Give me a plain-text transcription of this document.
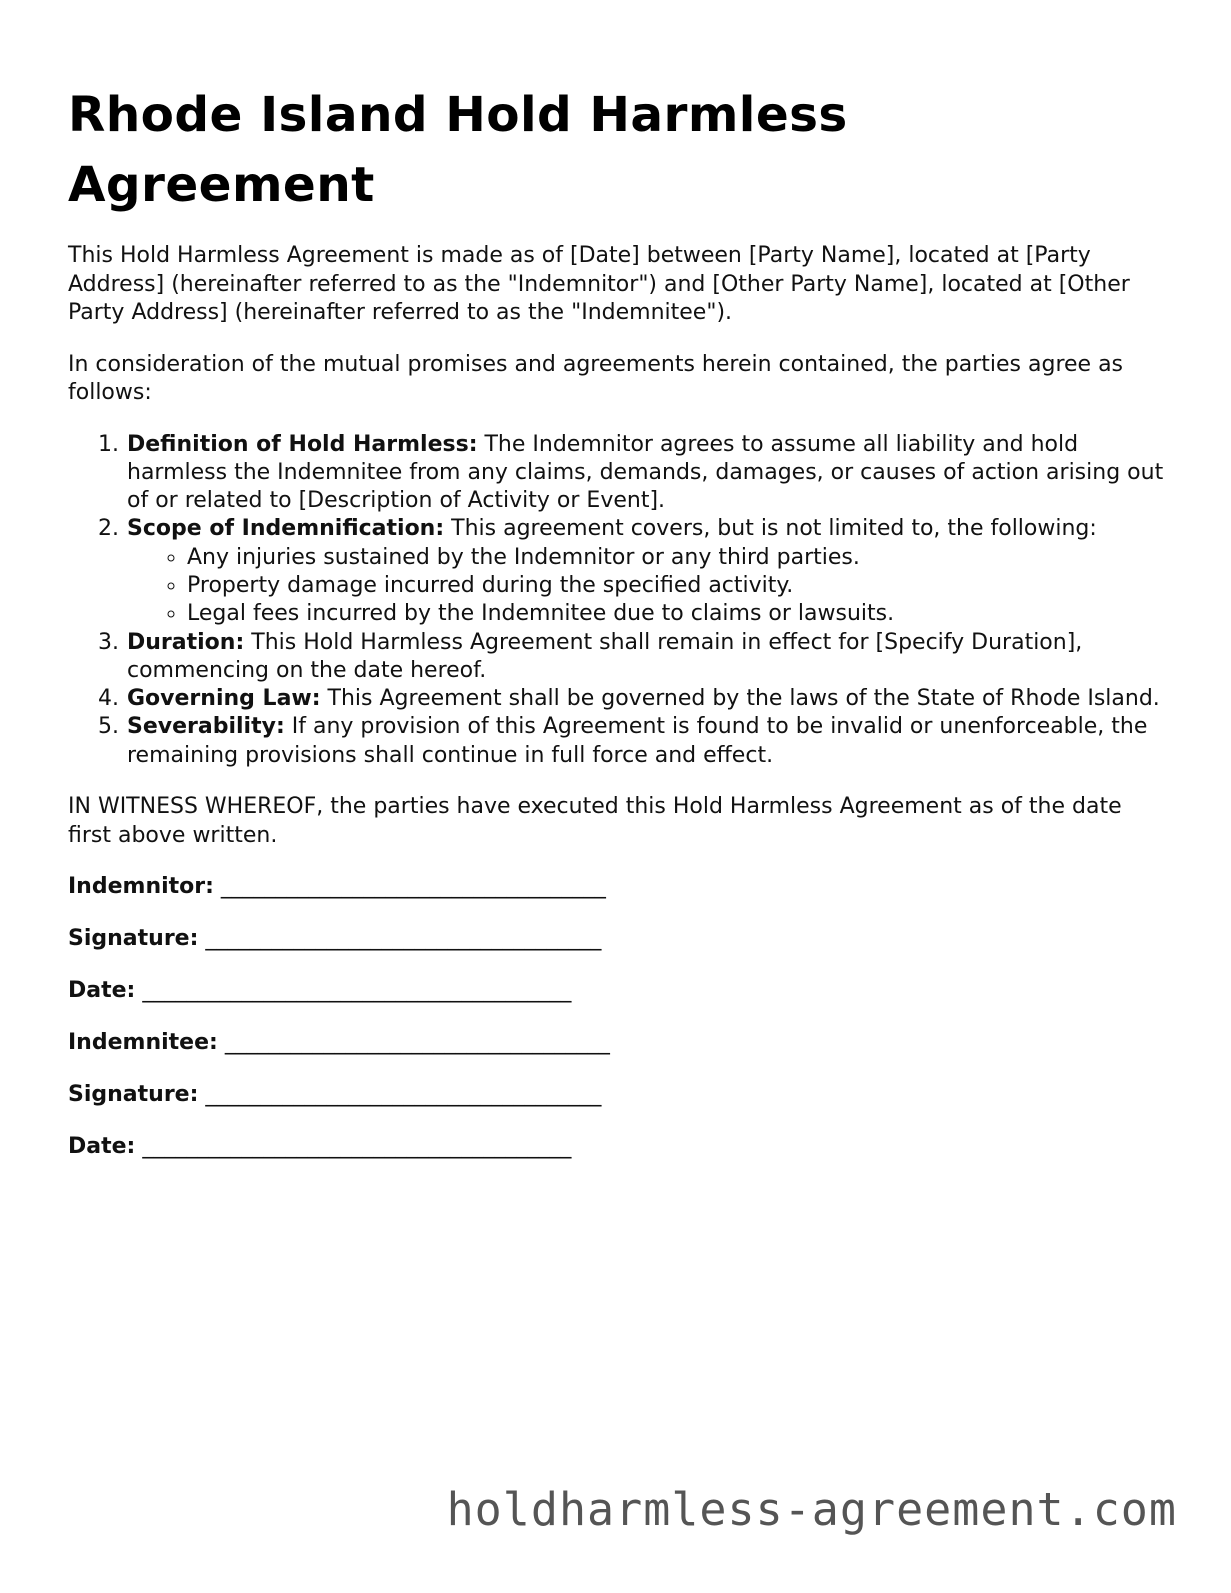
Rhode Island Hold Harmless Agreement

This Hold Harmless Agreement is made as of [Date] between [Party Name], located at [Party Address] (hereinafter referred to as the "Indemnitor") and [Other Party Name], located at [Other Party Address] (hereinafter referred to as the "Indemnitee").

In consideration of the mutual promises and agreements herein contained, the parties agree as follows:

1. Definition of Hold Harmless: The Indemnitor agrees to assume all liability and hold harmless the Indemnitee from any claims, demands, damages, or causes of action arising out of or related to [Description of Activity or Event].
2. Scope of Indemnification: This agreement covers, but is not limited to, the following:
◦ Any injuries sustained by the Indemnitor or any third parties.
◦ Property damage incurred during the specified activity.
◦ Legal fees incurred by the Indemnitee due to claims or lawsuits.
3. Duration: This Hold Harmless Agreement shall remain in effect for [Specify Duration], commencing on the date hereof.
4. Governing Law: This Agreement shall be governed by the laws of the State of Rhode Island.
5. Severability: If any provision of this Agreement is found to be invalid or unenforceable, the remaining provisions shall continue in full force and effect.

IN WITNESS WHEREOF, the parties have executed this Hold Harmless Agreement as of the date first above written.

Indemnitor: ___________________________________
Signature: ____________________________________
Date: _______________________________________
Indemnitee: ___________________________________
Signature: ____________________________________
Date: _______________________________________
holdharmless-agreement.com
